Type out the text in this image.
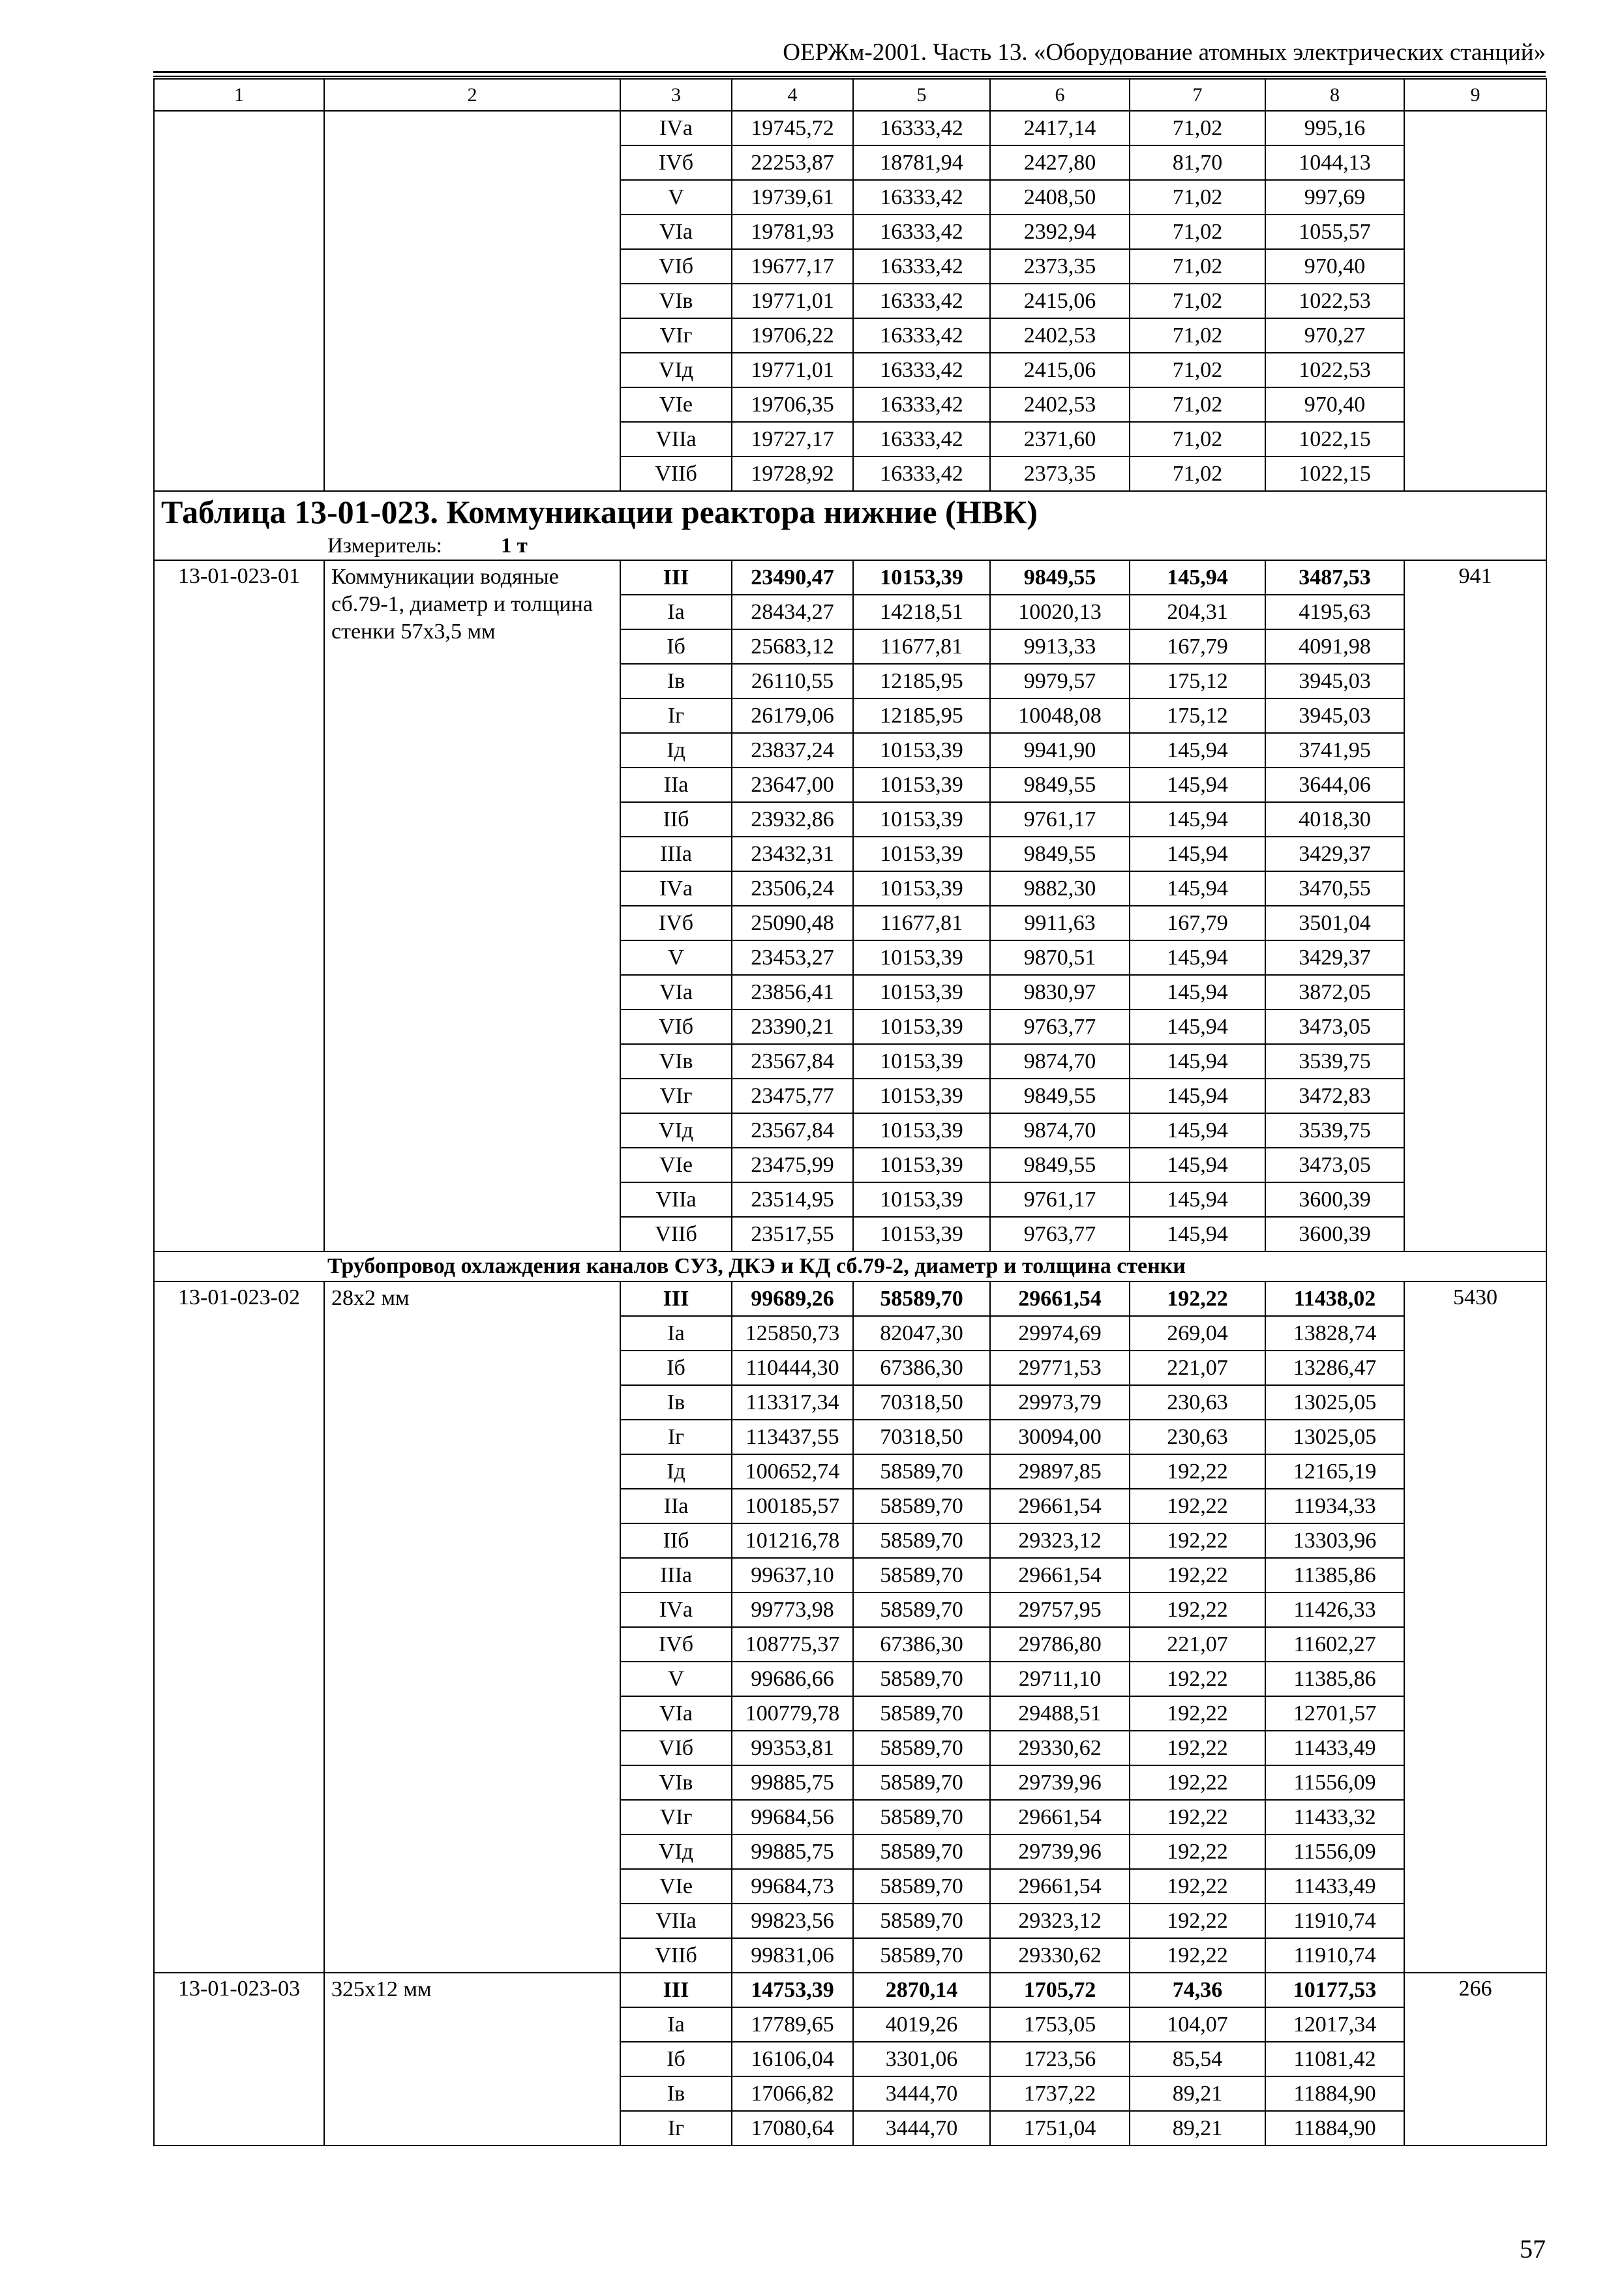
ОЕРЖм-2001. Часть 13. «Оборудование атомных электрических станций»
1	2	3	4	5	6	7	8	9
		IVа	19745,72	16333,42	2417,14	71,02	995,16	
		IVб	22253,87	18781,94	2427,80	81,70	1044,13	
		V	19739,61	16333,42	2408,50	71,02	997,69	
		VIа	19781,93	16333,42	2392,94	71,02	1055,57	
		VIб	19677,17	16333,42	2373,35	71,02	970,40	
		VIв	19771,01	16333,42	2415,06	71,02	1022,53	
		VIг	19706,22	16333,42	2402,53	71,02	970,27	
		VIд	19771,01	16333,42	2415,06	71,02	1022,53	
		VIе	19706,35	16333,42	2402,53	71,02	970,40	
		VIIа	19727,17	16333,42	2371,60	71,02	1022,15	
		VIIб	19728,92	16333,42	2373,35	71,02	1022,15	
Таблица 13-01-023. Коммуникации реактора нижние (НВК)								
Измеритель: 1 т								
13-01-023-01	Коммуникации водяные сб.79-1, диаметр и толщина стенки 57х3,5 мм	III	23490,47	10153,39	9849,55	145,94	3487,53	941
		Iа	28434,27	14218,51	10020,13	204,31	4195,63	
		Iб	25683,12	11677,81	9913,33	167,79	4091,98	
		Iв	26110,55	12185,95	9979,57	175,12	3945,03	
		Iг	26179,06	12185,95	10048,08	175,12	3945,03	
		Iд	23837,24	10153,39	9941,90	145,94	3741,95	
		IIа	23647,00	10153,39	9849,55	145,94	3644,06	
		IIб	23932,86	10153,39	9761,17	145,94	4018,30	
		IIIа	23432,31	10153,39	9849,55	145,94	3429,37	
		IVа	23506,24	10153,39	9882,30	145,94	3470,55	
		IVб	25090,48	11677,81	9911,63	167,79	3501,04	
		V	23453,27	10153,39	9870,51	145,94	3429,37	
		VIа	23856,41	10153,39	9830,97	145,94	3872,05	
		VIб	23390,21	10153,39	9763,77	145,94	3473,05	
		VIв	23567,84	10153,39	9874,70	145,94	3539,75	
		VIг	23475,77	10153,39	9849,55	145,94	3472,83	
		VIд	23567,84	10153,39	9874,70	145,94	3539,75	
		VIе	23475,99	10153,39	9849,55	145,94	3473,05	
		VIIа	23514,95	10153,39	9761,17	145,94	3600,39	
		VIIб	23517,55	10153,39	9763,77	145,94	3600,39	
Трубопровод охлаждения каналов СУЗ, ДКЭ и КД сб.79-2, диаметр и толщина стенки								
13-01-023-02	28х2 мм	III	99689,26	58589,70	29661,54	192,22	11438,02	5430
		Iа	125850,73	82047,30	29974,69	269,04	13828,74	
		Iб	110444,30	67386,30	29771,53	221,07	13286,47	
		Iв	113317,34	70318,50	29973,79	230,63	13025,05	
		Iг	113437,55	70318,50	30094,00	230,63	13025,05	
		Iд	100652,74	58589,70	29897,85	192,22	12165,19	
		IIа	100185,57	58589,70	29661,54	192,22	11934,33	
		IIб	101216,78	58589,70	29323,12	192,22	13303,96	
		IIIа	99637,10	58589,70	29661,54	192,22	11385,86	
		IVа	99773,98	58589,70	29757,95	192,22	11426,33	
		IVб	108775,37	67386,30	29786,80	221,07	11602,27	
		V	99686,66	58589,70	29711,10	192,22	11385,86	
		VIа	100779,78	58589,70	29488,51	192,22	12701,57	
		VIб	99353,81	58589,70	29330,62	192,22	11433,49	
		VIв	99885,75	58589,70	29739,96	192,22	11556,09	
		VIг	99684,56	58589,70	29661,54	192,22	11433,32	
		VIд	99885,75	58589,70	29739,96	192,22	11556,09	
		VIе	99684,73	58589,70	29661,54	192,22	11433,49	
		VIIа	99823,56	58589,70	29323,12	192,22	11910,74	
		VIIб	99831,06	58589,70	29330,62	192,22	11910,74	
13-01-023-03	325х12 мм	III	14753,39	2870,14	1705,72	74,36	10177,53	266
		Iа	17789,65	4019,26	1753,05	104,07	12017,34	
		Iб	16106,04	3301,06	1723,56	85,54	11081,42	
		Iв	17066,82	3444,70	1737,22	89,21	11884,90	
		Iг	17080,64	3444,70	1751,04	89,21	11884,90	
57
